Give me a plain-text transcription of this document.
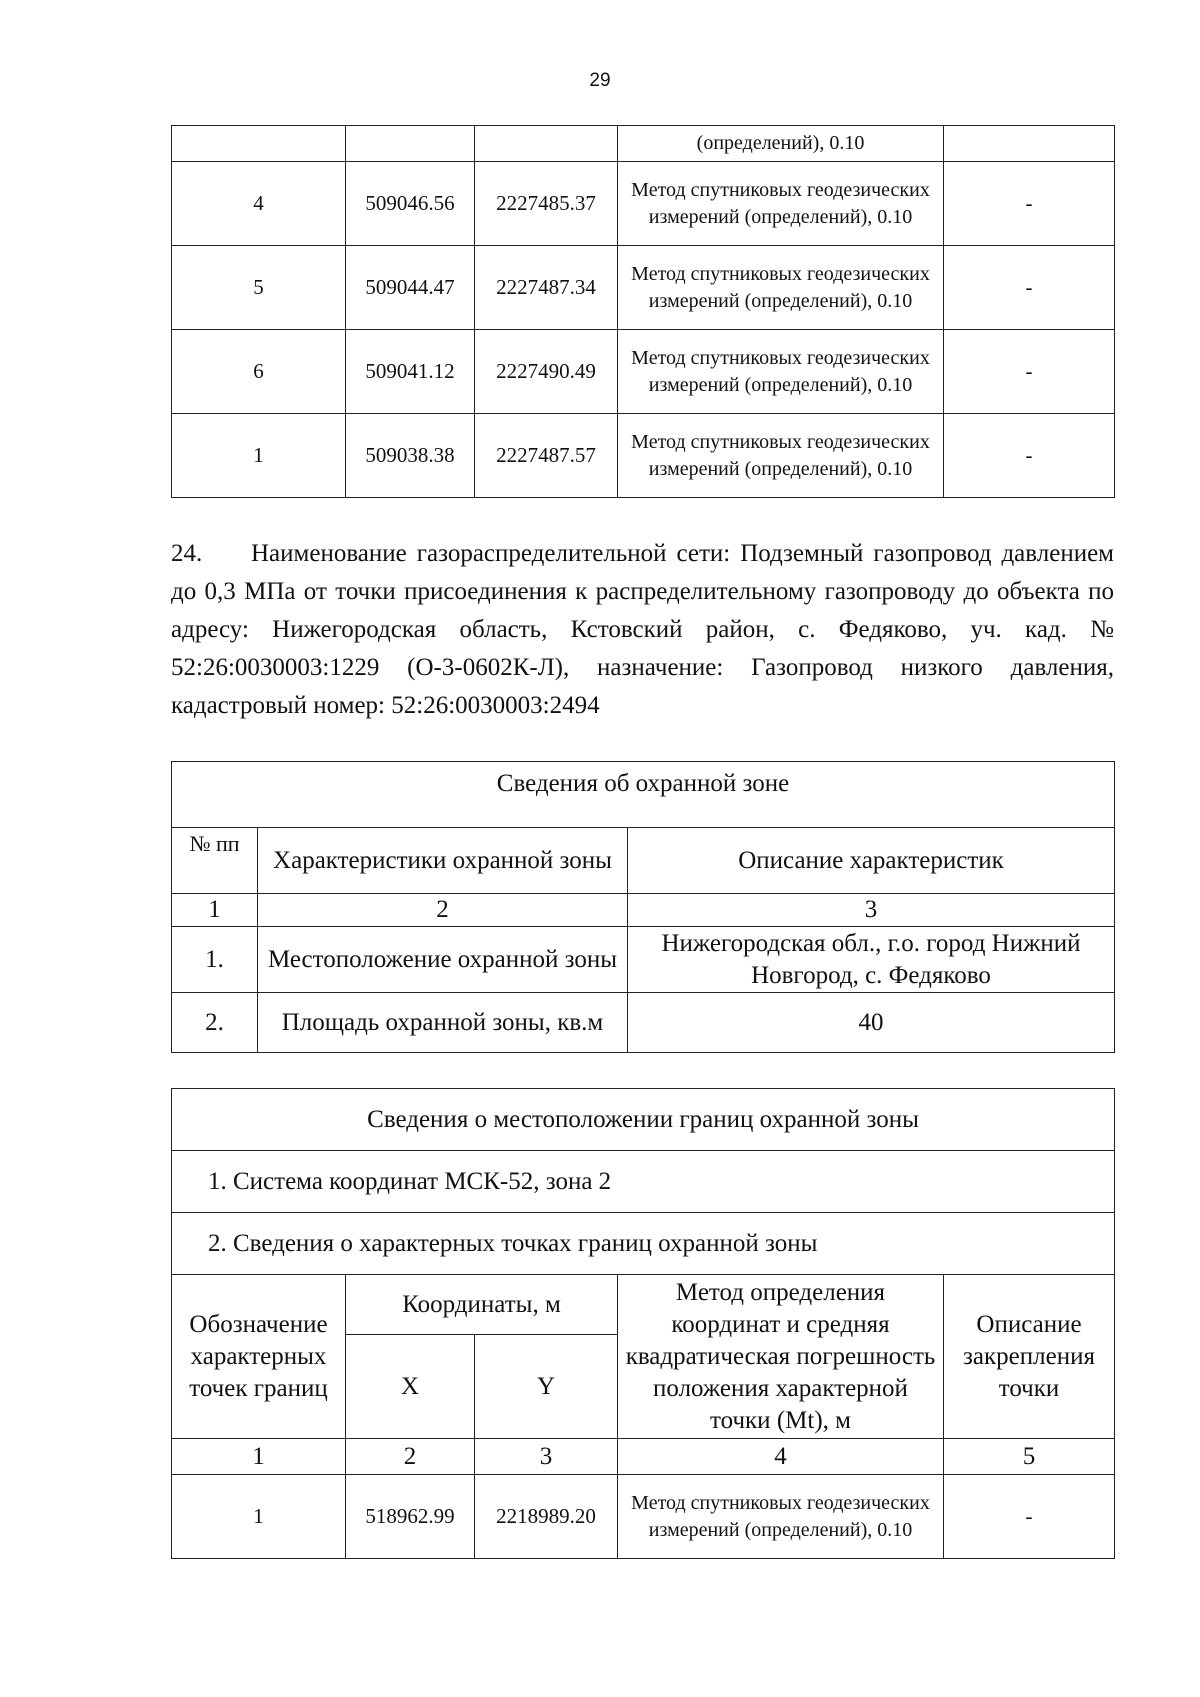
29
			(определений), 0.10	
4	509046.56	2227485.37	Метод спутниковых геодезических измерений (определений), 0.10	-
5	509044.47	2227487.34	Метод спутниковых геодезических измерений (определений), 0.10	-
6	509041.12	2227490.49	Метод спутниковых геодезических измерений (определений), 0.10	-
1	509038.38	2227487.57	Метод спутниковых геодезических измерений (определений), 0.10	-
24. Наименование газораспределительной сети: Подземный газопровод давлением до 0,3 МПа от точки присоединения к распределительному газопроводу до объекта по адресу: Нижегородская область, Кстовский район, с. Федяково, уч. кад. № 52:26:0030003:1229 (О-3-0602К-Л), назначение: Газопровод низкого давления, кадастровый номер: 52:26:0030003:2494
Сведения об охранной зоне		
№ пп	Характеристики охранной зоны	Описание характеристик
1	2	3
1.	Местоположение охранной зоны	Нижегородская обл., г.о. город Нижний Новгород, с. Федяково
2.	Площадь охранной зоны, кв.м	40
Сведения о местоположении границ охранной зоны				
1. Система координат МСК-52, зона 2				
2. Сведения о характерных точках границ охранной зоны				
Обозначение характерных точек границ	Координаты, м		Метод определения координат и средняя квадратическая погрешность положения характерной точки (Mt), м	Описание закрепления точки
	X	Y		
1	2	3	4	5
1	518962.99	2218989.20	Метод спутниковых геодезических измерений (определений), 0.10	-
